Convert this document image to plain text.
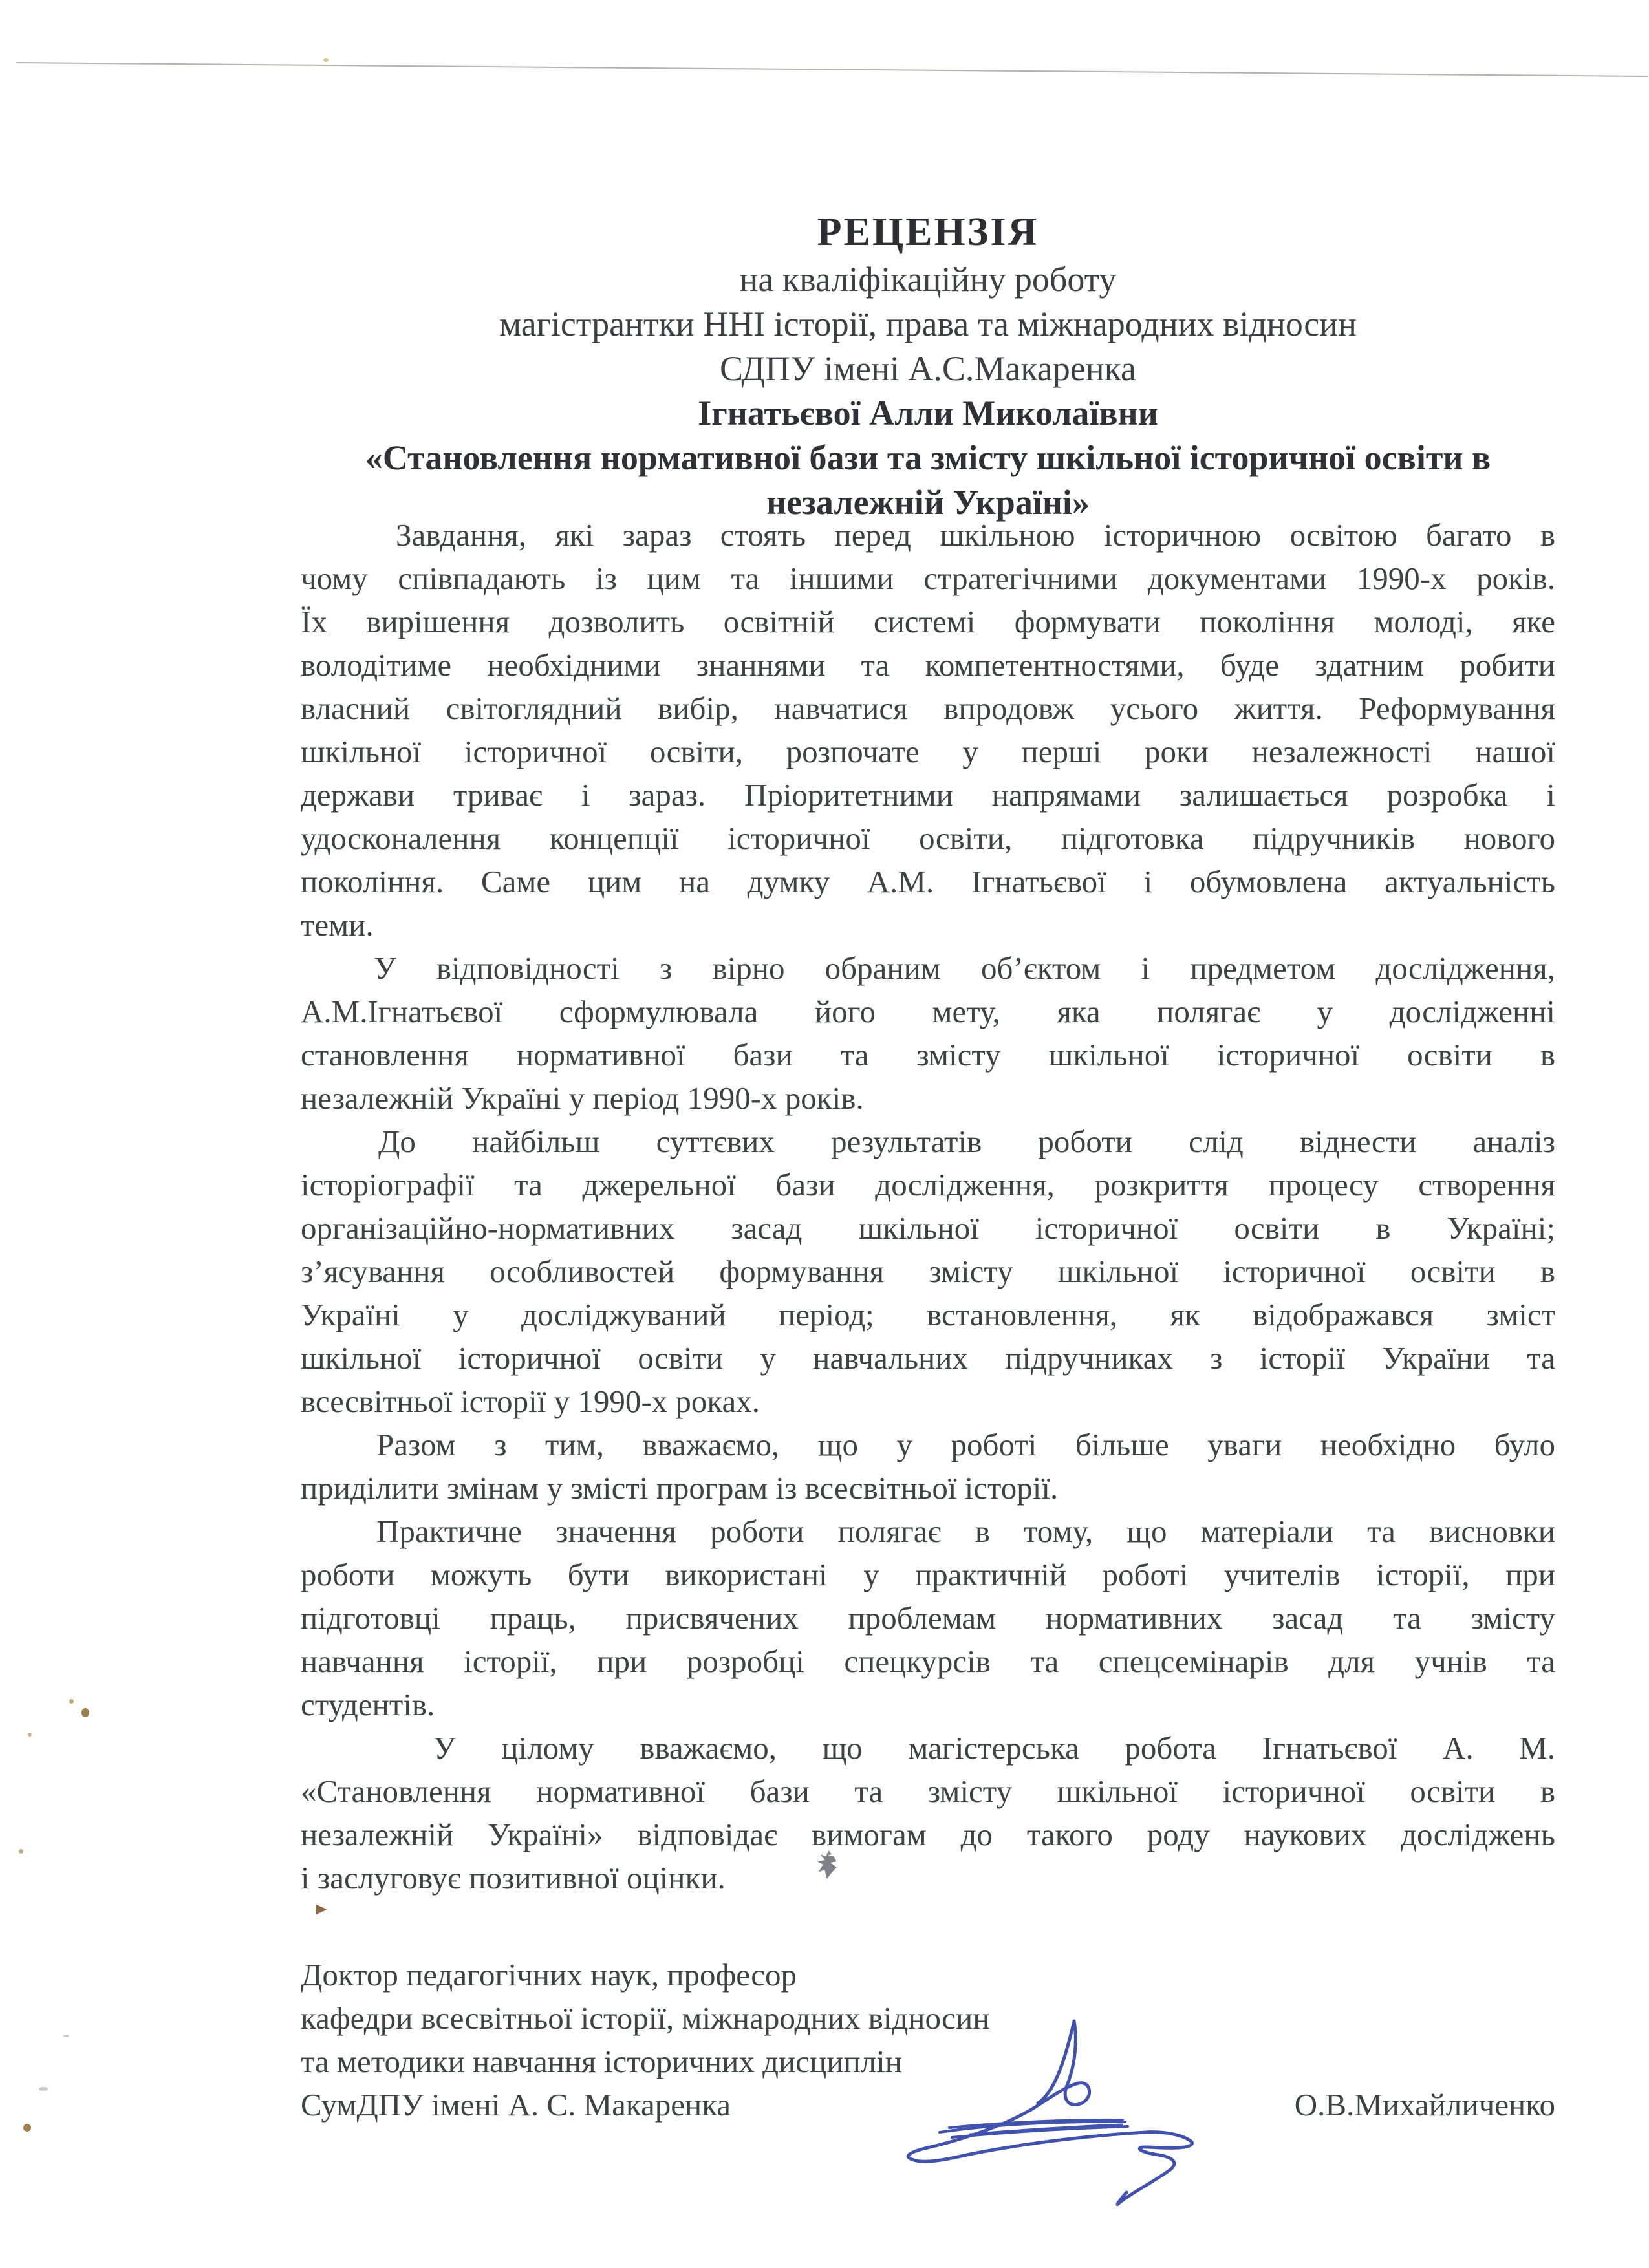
РЕЦЕНЗІЯ
на кваліфікаційну роботу
магістрантки ННІ історії, права та міжнародних відносин
СДПУ імені А.С.Макаренка
Ігнатьєвої Алли Миколаївни
«Становлення нормативної бази та змісту шкільної історичної освіти в
незалежній Україні»
Завдання, які зараз стоять перед шкільною історичною освітою багато в
чому співпадають із цим та іншими стратегічними документами 1990-х років.
Їх вирішення дозволить освітній системі формувати покоління молоді, яке
володітиме необхідними знаннями та компетентностями, буде здатним робити
власний світоглядний вибір, навчатися впродовж усього життя. Реформування
шкільної історичної освіти, розпочате у перші роки незалежності нашої
держави триває і зараз. Пріоритетними напрямами залишається розробка і
удосконалення концепції історичної освіти, підготовка підручників нового
покоління. Саме цим на думку А.М. Ігнатьєвої і обумовлена актуальність
теми.
У відповідності з вірно обраним об’єктом і предметом дослідження,
А.М.Ігнатьєвої сформулювала його мету, яка полягає у дослідженні
становлення нормативної бази та змісту шкільної історичної освіти в
незалежній Україні у період 1990-х років.
До найбільш суттєвих результатів роботи слід віднести аналіз
історіографії та джерельної бази дослідження, розкриття процесу створення
організаційно-нормативних засад шкільної історичної освіти в Україні;
з’ясування особливостей формування змісту шкільної історичної освіти в
Україні у досліджуваний період; встановлення, як відображався зміст
шкільної історичної освіти у навчальних підручниках з історії України та
всесвітньої історії у 1990-х роках.
Разом з тим, вважаємо, що у роботі більше уваги необхідно було
приділити змінам у змісті програм із всесвітньої історії.
Практичне значення роботи полягає в тому, що матеріали та висновки
роботи можуть бути використані у практичній роботі учителів історії, при
підготовці праць, присвячених проблемам нормативних засад та змісту
навчання історії, при розробці спецкурсів та спецсемінарів для учнів та
студентів.
У цілому вважаємо, що магістерська робота Ігнатьєвої А. М.
«Становлення нормативної бази та змісту шкільної історичної освіти в
незалежній Україні» відповідає вимогам до такого роду наукових досліджень
і заслуговує позитивної оцінки.
Доктор педагогічних наук, професор
кафедри всесвітньої історії, міжнародних відносин
та методики навчання історичних дисциплін
СумДПУ імені А. С. Макаренка	О.В.Михайличенко
